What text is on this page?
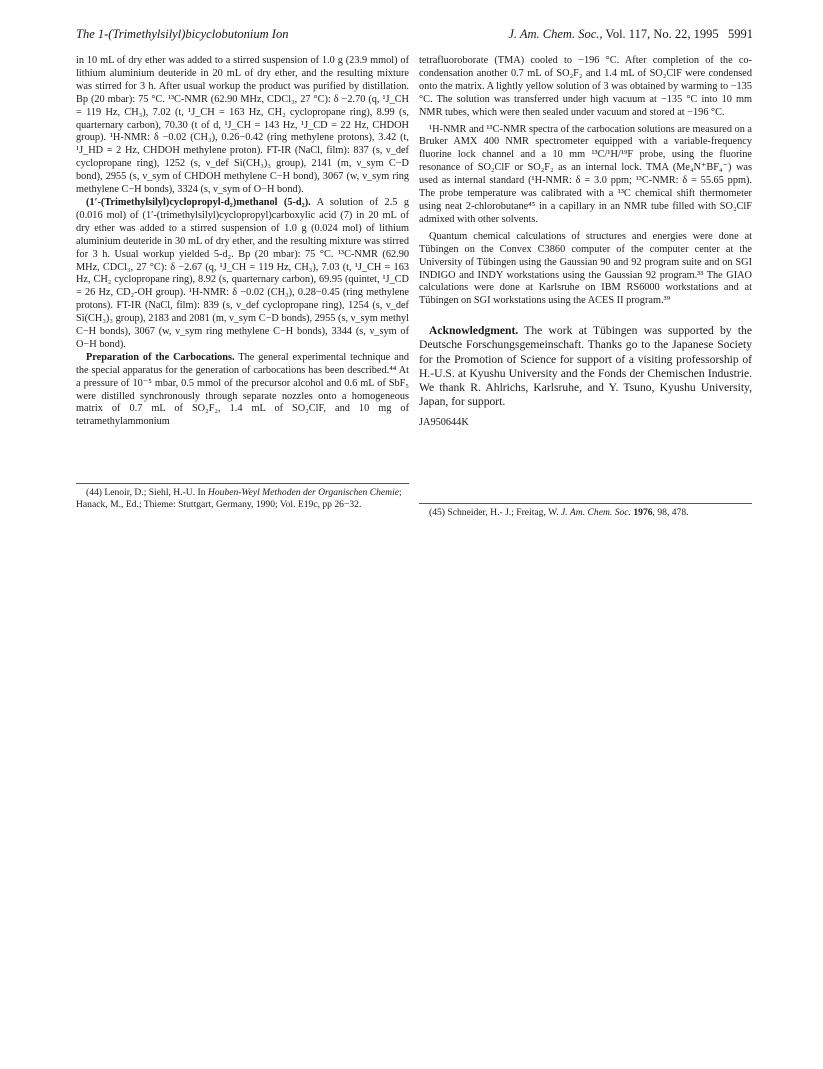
The 1-(Trimethylsilyl)bicyclobutonium Ion	J. Am. Chem. Soc., Vol. 117, No. 22, 1995 5991

in 10 mL of dry ether was added to a stirred suspension of 1.0 g (23.9 mmol) of lithium aluminium deuteride in 20 mL of dry ether, and the resulting mixture was stirred for 3 h. After usual workup the product was purified by distillation. Bp (20 mbar): 75 °C. ¹³C-NMR (62.90 MHz, CDCl₃, 27 °C): δ −2.70 (q, ¹J_CH = 119 Hz, CH₃), 7.02 (t, ¹J_CH = 163 Hz, CH₂ cyclopropane ring), 8.99 (s, quarternary carbon), 70.30 (t of d, ¹J_CH = 143 Hz, ¹J_CD = 22 Hz, CHDOH group). ¹H-NMR: δ −0.02 (CH₃), 0.26−0.42 (ring methylene protons), 3.42 (t, ¹J_HD = 2 Hz, CHDOH methylene proton). FT-IR (NaCl, film): 837 (s, ν_def cyclopropane ring), 1252 (s, ν_def Si(CH₃)₃ group), 2141 (m, ν_sym C−D bond), 2955 (s, ν_sym of CHDOH methylene C−H bond), 3067 (w, ν_sym ring methylene C−H bonds), 3324 (s, ν_sym of O−H bond).

(1′-(Trimethylsilyl)cyclopropyl-d₂)methanol (5-d₂). A solution of 2.5 g (0.016 mol) of (1′-(trimethylsilyl)cyclopropyl)carboxylic acid (7) in 20 mL of dry ether was added to a stirred suspension of 1.0 g (0.024 mol) of lithium aluminium deuteride in 30 mL of dry ether, and the resulting mixture was stirred for 3 h. Usual workup yielded 5-d₂. Bp (20 mbar): 75 °C. ¹³C-NMR (62.90 MHz, CDCl₃, 27 °C): δ −2.67 (q, ¹J_CH = 119 Hz, CH₃), 7.03 (t, ¹J_CH = 163 Hz, CH₂ cyclopropane ring), 8.92 (s, quarternary carbon), 69.95 (quintet, ¹J_CD = 26 Hz, CD₂-OH group). ¹H-NMR: δ −0.02 (CH₃), 0.28−0.45 (ring methylene protons). FT-IR (NaCl, film): 839 (s, ν_def cyclopropane ring), 1254 (s, ν_def Si(CH₃)₃ group), 2183 and 2081 (m, ν_sym C−D bonds), 2955 (s, ν_sym methyl C−H bonds), 3067 (w, ν_sym ring methylene C−H bonds), 3344 (s, ν_sym of O−H bond).

Preparation of the Carbocations. The general experimental technique and the special apparatus for the generation of carbocations has been described.⁴⁴ At a pressure of 10⁻⁵ mbar, 0.5 mmol of the precursor alcohol and 0.6 mL of SbF₅ were distilled synchronously through separate nozzles onto a homogeneous matrix of 0.7 mL of SO₂F₂, 1.4 mL of SO₂ClF, and 10 mg of tetramethylammonium

(44) Lenoir, D.; Siehl, H.-U. In Houben-Weyl Methoden der Organischen Chemie; Hanack, M., Ed.; Thieme: Stuttgart, Germany, 1990; Vol. E19c, pp 26−32.

tetrafluoroborate (TMA) cooled to −196 °C. After completion of the co-condensation another 0.7 mL of SO₂F₂ and 1.4 mL of SO₂ClF were condensed onto the matrix. A lightly yellow solution of 3 was obtained by warming to −135 °C. The solution was transferred under high vacuum at −135 °C into 10 mm NMR tubes, which were then sealed under vacuum and stored at −196 °C.

¹H-NMR and ¹³C-NMR spectra of the carbocation solutions are measured on a Bruker AMX 400 NMR spectrometer equipped with a variable-frequency fluorine lock channel and a 10 mm ¹³C/¹H/¹⁹F probe, using the fluorine resonance of SO₂ClF or SO₂F₂ as an internal lock. TMA (Me₄N⁺BF₄⁻) was used as internal standard (¹H-NMR: δ = 3.0 ppm; ¹³C-NMR: δ = 55.65 ppm). The probe temperature was calibrated with a ¹³C chemical shift thermometer using neat 2-chlorobutane⁴⁵ in a capillary in an NMR tube filled with SO₂ClF admixed with other solvents.

Quantum chemical calculations of structures and energies were done at Tübingen on the Convex C3860 computer of the computer center at the University of Tübingen using the Gaussian 90 and 92 program suite and on SGI INDIGO and INDY workstations using the Gaussian 92 program.³³ The GIAO calculations were done at Karlsruhe on IBM RS6000 workstations and at Tübingen on SGI workstations using the ACES II program.³⁹

Acknowledgment. The work at Tübingen was supported by the Deutsche Forschungsgemeinschaft. Thanks go to the Japanese Society for the Promotion of Science for support of a visiting professorship of H.-U.S. at Kyushu University and the Fonds der Chemischen Industrie. We thank R. Ahlrichs, Karlsruhe, and Y. Tsuno, Kyushu University, Japan, for support.

JA950644K

(45) Schneider, H.- J.; Freitag, W. J. Am. Chem. Soc. 1976, 98, 478.
